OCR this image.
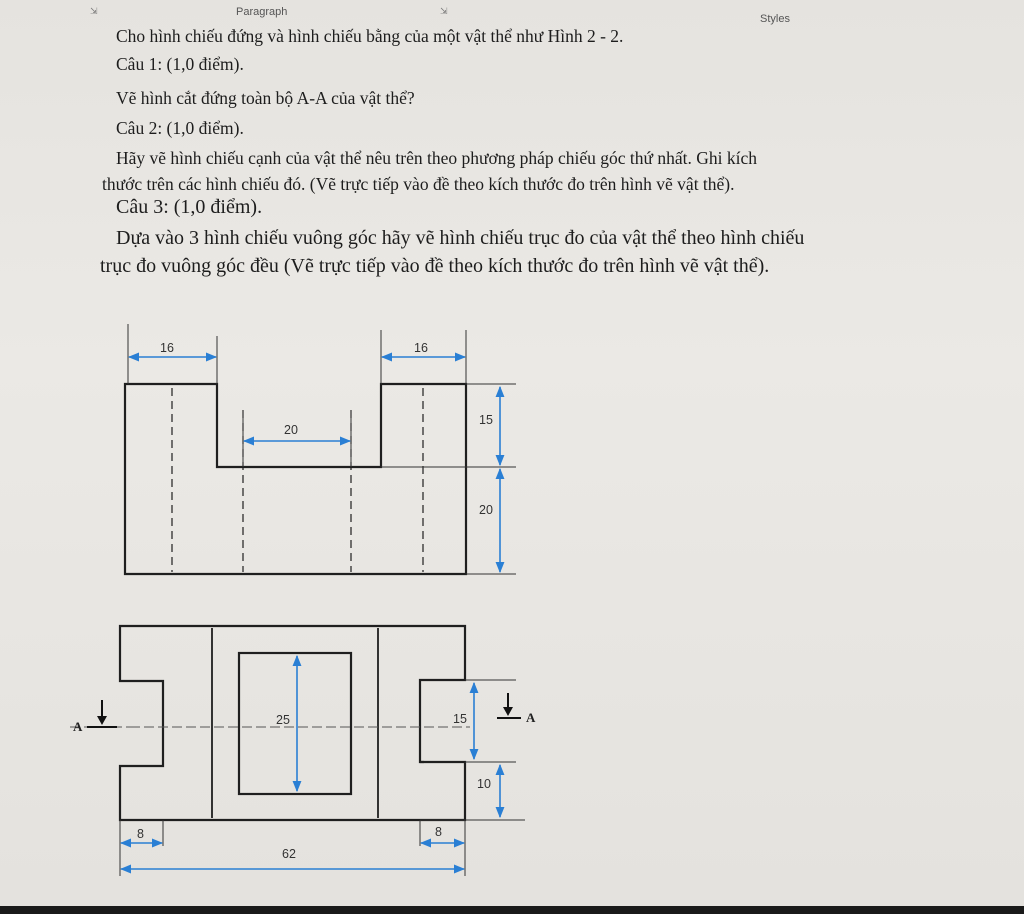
⇲	Paragraph	⇲
Styles
Cho hình chiếu đứng và hình chiếu bằng của một vật thể như Hình 2 - 2.
Câu 1: (1,0 điểm).
Vẽ hình cắt đứng toàn bộ A-A của vật thể?
Câu 2: (1,0 điểm).
Hãy vẽ hình chiếu cạnh của vật thể nêu trên theo phương pháp chiếu góc thứ nhất. Ghi kích
thước trên các hình chiếu đó. (Vẽ trực tiếp vào đề theo kích thước đo trên hình vẽ vật thể).
Câu 3: (1,0 điểm).
Dựa vào 3 hình chiếu vuông góc hãy vẽ hình chiếu trục đo của vật thể theo hình chiếu
trục đo vuông góc đều (Vẽ trực tiếp vào đề theo kích thước đo trên hình vẽ vật thể).
16	16
20
15
20
A
A
25	15
10
8	8
62
